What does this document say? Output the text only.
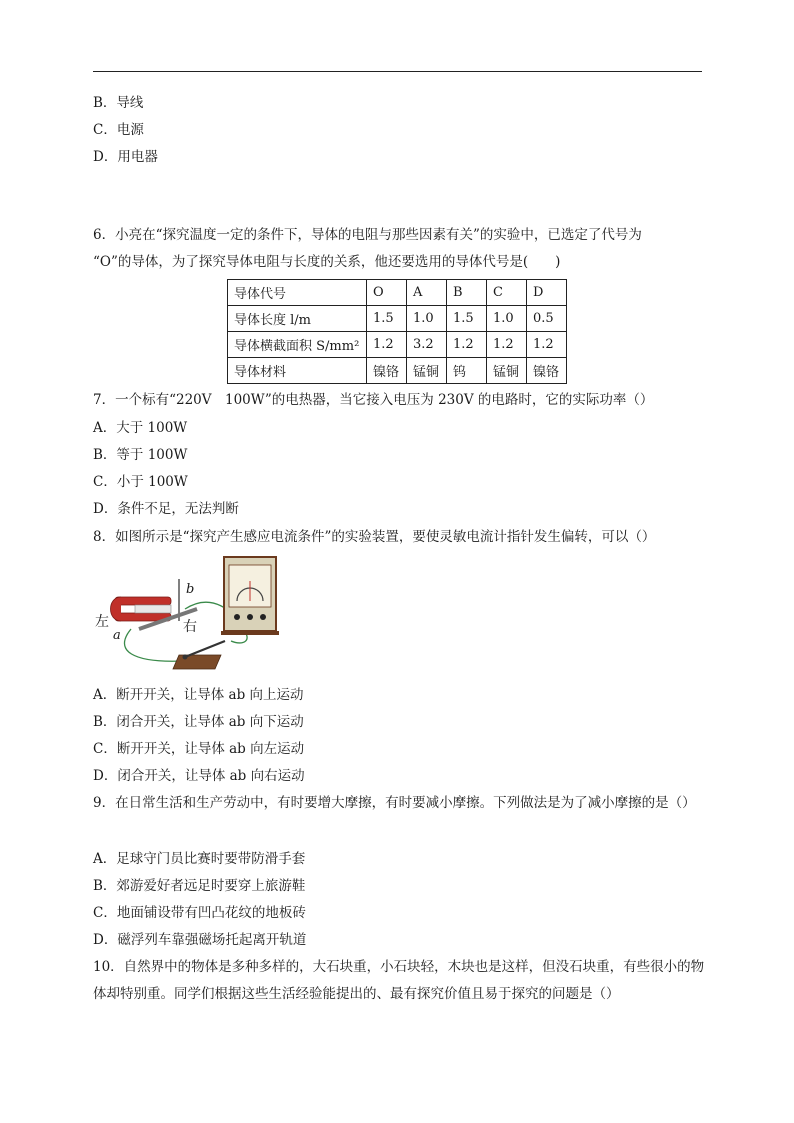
B．导线
C．电源
D．用电器
6．小亮在“探究温度一定的条件下，导体的电阻与那些因素有关”的实验中，已选定了代号为
“O”的导体，为了探究导体电阻与长度的关系，他还要选用的导体代号是(　　)
导体代号	O	A	B	C	D
导体长度 l/m	1.5	1.0	1.5	1.0	0.5
导体横截面积 S/mm²	1.2	3.2	1.2	1.2	1.2
导体材料	镍铬	锰铜	钨	锰铜	镍铬
7．一个标有“220V　100W”的电热器，当它接入电压为 230V 的电路时，它的实际功率（）
A．大于 100W
B．等于 100W
C．小于 100W
D．条件不足，无法判断
8．如图所示是“探究产生感应电流条件”的实验装置，要使灵敏电流计指针发生偏转，可以（）
左	右
a
b
A．断开开关，让导体 ab 向上运动
B．闭合开关，让导体 ab 向下运动
C．断开开关，让导体 ab 向左运动
D．闭合开关，让导体 ab 向右运动
9．在日常生活和生产劳动中，有时要增大摩擦，有时要减小摩擦。下列做法是为了减小摩擦的是（）
A．足球守门员比赛时要带防滑手套
B．郊游爱好者远足时要穿上旅游鞋
C．地面铺设带有凹凸花纹的地板砖
D．磁浮列车靠强磁场托起离开轨道
10．自然界中的物体是多种多样的，大石块重，小石块轻，木块也是这样，但没石块重，有些很小的物体却特别重。同学们根据这些生活经验能提出的、最有探究价值且易于探究的问题是（）
